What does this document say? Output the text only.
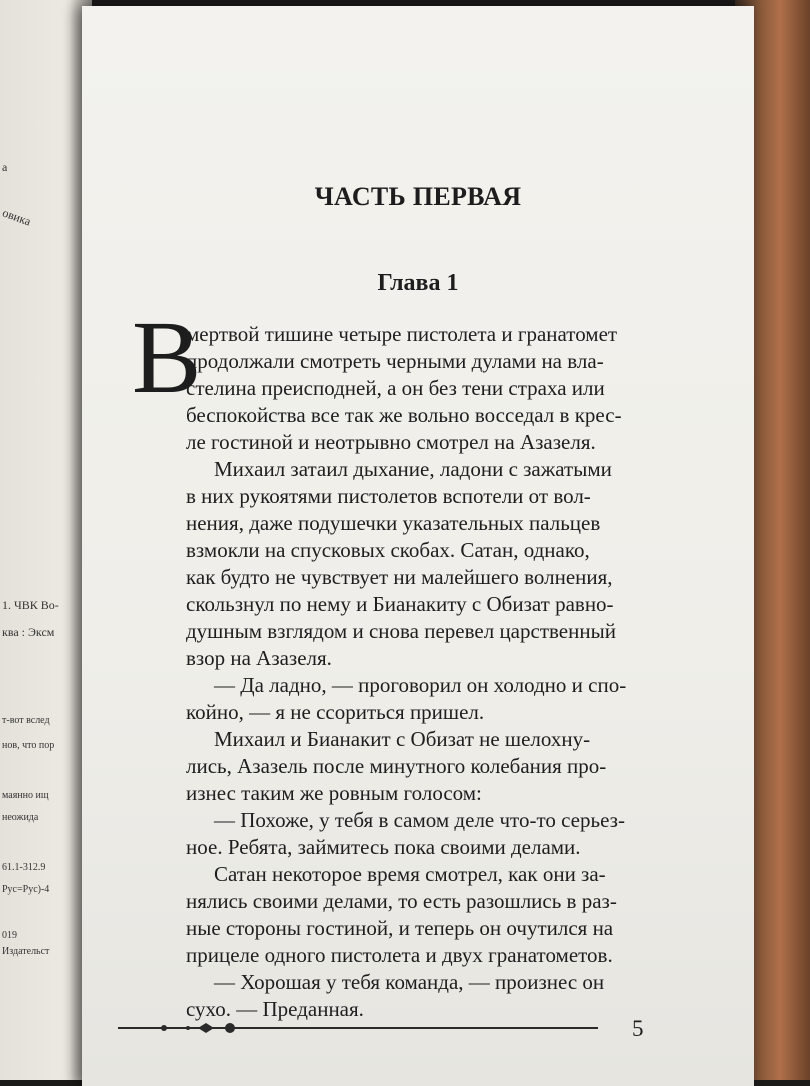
а
овика
1. ЧВК Во-
ква : Эксм
т-вот вслед
нов, что пор
маянно ищ
неожида
61.1-312.9
Рус=Рус)-4
019
Издательст
ЧАСТЬ ПЕРВАЯ
Глава 1
В
мертвой тишине четыре пистолета и гранатомет
продолжали смотреть черными дулами на вла-
стелина преисподней, а он без тени страха или
беспокойства все так же вольно восседал в крес-
ле гостиной и неотрывно смотрел на Азазеля.
Михаил затаил дыхание, ладони с зажатыми
в них рукоятями пистолетов вспотели от вол-
нения, даже подушечки указательных пальцев
взмокли на спусковых скобах. Сатан, однако,
как будто не чувствует ни малейшего волнения,
скользнул по нему и Бианакиту с Обизат равно-
душным взглядом и снова перевел царственный
взор на Азазеля.
— Да ладно, — проговорил он холодно и спо-
койно, — я не ссориться пришел.
Михаил и Бианакит с Обизат не шелохну-
лись, Азазель после минутного колебания про-
изнес таким же ровным голосом:
— Похоже, у тебя в самом деле что-то серьез-
ное. Ребята, займитесь пока своими делами.
Сатан некоторое время смотрел, как они за-
нялись своими делами, то есть разошлись в раз-
ные стороны гостиной, и теперь он очутился на
прицеле одного пистолета и двух гранатометов.
— Хорошая у тебя команда, — произнес он
сухо. — Преданная.
5
